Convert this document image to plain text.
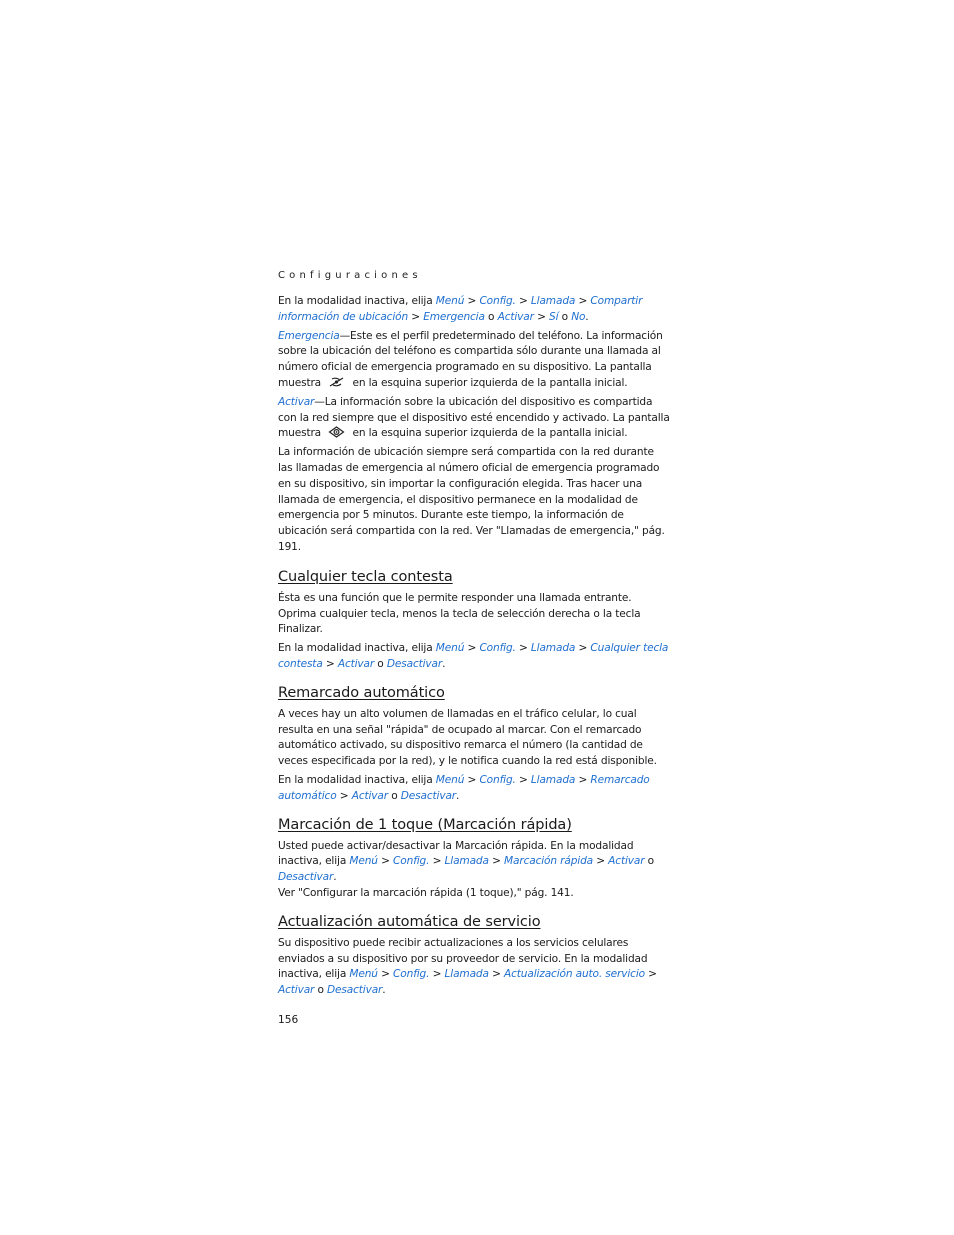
Configuraciones

En la modalidad inactiva, elija Menú > Config. > Llamada > Compartir información de ubicación > Emergencia o Activar > Sí o No.

Emergencia—Este es el perfil predeterminado del teléfono. La información sobre la ubicación del teléfono es compartida sólo durante una llamada al número oficial de emergencia programado en su dispositivo. La pantalla muestra  en la esquina superior izquierda de la pantalla inicial.

Activar—La información sobre la ubicación del dispositivo es compartida con la red siempre que el dispositivo esté encendido y activado. La pantalla muestra  en la esquina superior izquierda de la pantalla inicial.

La información de ubicación siempre será compartida con la red durante las llamadas de emergencia al número oficial de emergencia programado en su dispositivo, sin importar la configuración elegida. Tras hacer una llamada de emergencia, el dispositivo permanece en la modalidad de emergencia por 5 minutos. Durante este tiempo, la información de ubicación será compartida con la red. Ver "Llamadas de emergencia," pág. 191.

Cualquier tecla contesta

Ésta es una función que le permite responder una llamada entrante. Oprima cualquier tecla, menos la tecla de selección derecha o la tecla Finalizar.

En la modalidad inactiva, elija Menú > Config. > Llamada > Cualquier tecla contesta > Activar o Desactivar.

Remarcado automático

A veces hay un alto volumen de llamadas en el tráfico celular, lo cual resulta en una señal "rápida" de ocupado al marcar. Con el remarcado automático activado, su dispositivo remarca el número (la cantidad de veces especificada por la red), y le notifica cuando la red está disponible.

En la modalidad inactiva, elija Menú > Config. > Llamada > Remarcado automático > Activar o Desactivar.

Marcación de 1 toque (Marcación rápida)

Usted puede activar/desactivar la Marcación rápida. En la modalidad inactiva, elija Menú > Config. > Llamada > Marcación rápida > Activar o Desactivar.

Ver "Configurar la marcación rápida (1 toque)," pág. 141.

Actualización automática de servicio

Su dispositivo puede recibir actualizaciones a los servicios celulares enviados a su dispositivo por su proveedor de servicio. En la modalidad inactiva, elija Menú > Config. > Llamada > Actualización auto. servicio > Activar o Desactivar.

156
